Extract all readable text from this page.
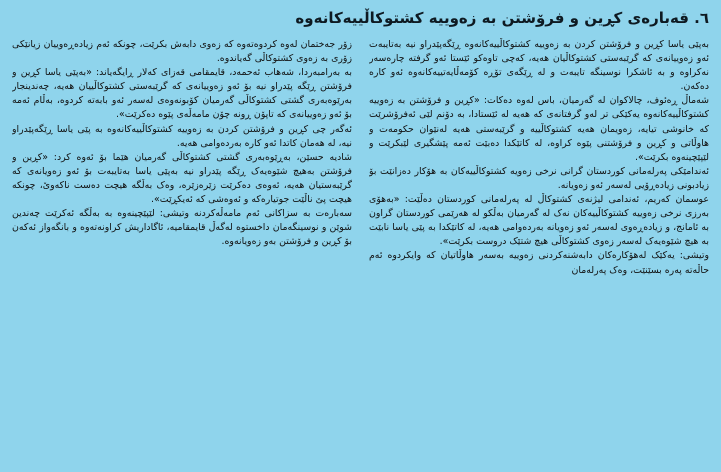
٦. قەبارەی کڕین و فرۆشتن بە زەوییە کشتوکاڵییەکانەوە

بەپێی یاسا کڕین و فرۆشتن کردن بە زەوییە کشتوکاڵییەکانەوە ڕێگەپێدراو نیە بەتایبەت ئەو زەوییانەی کە گرێبەستی کشتوکاڵیان هەیە، کەچی تاوەکو ئێستا ئەو گرفتە چارەسەر نەکراوە و بە ئاشکرا نوسینگە تایبەت و لە ڕێگەی تۆڕە کۆمەڵایەتییەکانەوە ئەو کارە دەکەن.

شەماڵ ڕەئوف، چالاکوان لە گەرمیان، باس لەوە دەکات: «کڕین و فرۆشتن بە زەوییە کشتوکاڵییەکانەوە یەکێکی تر لەو گرفتانەی کە هەیە لە ئێستادا، بە دۆنم لێی ئەفرۆشرێت کە خانوشی تیایە، زەویمان هەیە کشتوکاڵییە و گرێبەستی هەیە لەنێوان حکومەت و هاوڵاتی و کڕین و فرۆشتنی پێوە کراوە، لە کاتێکدا دەبێت ئەمە پێشگیری لێبکرێت و لێپێچینەوە بکرێت».

ئەندامێکی پەرلەمانی کوردستان گرانی نرخی زەویە کشتوکاڵییەکان بە هۆکار دەزانێت بۆ زیادبونی زیادەڕۆیی لەسەر ئەو زەویانە.

عوسمان کەریم، ئەندامی لیژنەی کشتوکاڵ لە پەرلەمانی کوردستان دەڵێت: «بەهۆی بەرزی نرخی زەوییە کشتوکاڵییەکان نەک لە گەرمیان بەڵکو لە هەرێمی کوردستان گراون بە ئامانج، و زیادەڕەوی لەسەر ئەو زەویانە بەردەوامی هەیە، لە کاتێکدا بە پێی یاسا نابێت بە هیچ شێوەیەک لەسەر زەوی کشتوکاڵی هیچ شتێک دروست بکرێت».

وتیشی: یەکێک لەهۆکارەکان دابەشنەکردنی زەوییە بەسەر هاوڵاتیان کە وایکردوە ئەم حاڵەتە پەرە بسێنێت، وەک پەرلەمان

زۆر جەختمان لەوە کردوەتەوە کە زەوی دابەش بکرێت، چونکە ئەم زیادەڕەوییان زیانێکی زۆری بە زەوی کشتوکاڵی گەیاندوە.

بە بەرامبەردا، شەهاب ئەحمەد، قایمقامی قەزای کەلار ڕایگەیاند: «بەپێی یاسا کڕین و فرۆشتن ڕێگە پێدراو نیە بۆ ئەو زەوییانەی کە گرێبەستی کشتوکاڵییان هەیە، چەندینجار بەرێوەبەری گشتی کشتوکاڵی گەرمیان کۆبونەوەی لەسەر ئەو بابەتە کردوە، بەڵام ئەمە بۆ ئەو زەوییانەی کە تاپۆن ڕونە چۆن مامەڵەی پێوە دەکرێت».

ئەگەر چی کڕین و فرۆشتن کردن بە زەوییە کشتوکاڵییەکانەوە بە پێی یاسا ڕێگەپێدراو نیە، لە هەمان کاتدا ئەو کارە بەردەوامی هەیە.

شادیە حسێن، بەڕێوەبەری گشتی کشتوکاڵی گەرمیان هێما بۆ ئەوە کرد: «کڕین و فرۆشتن بەهیچ شێوەیەک ڕێگە پێدراو نیە بەپێی یاسا بەتایبەت بۆ ئەو زەویانەی کە گرێبەستیان هەیە، ئەوەی دەکرێت زێرەزێرە، وەک بەڵگە هیچت دەست ناکەوێ، چونکە هیچت پێ ناڵێت جوتیارەکە و ئەوەشی کە ئەیکڕێت».

سەبارەت بە سزاکانی ئەم مامەڵەکردنە وتیشی: لێپێچینەوە بە بەڵگە ئەکرێت چەندین شوێن و نوسینگەمان داخستوە لەگەڵ قایمقامیە، ئاگاداریش کراونەتەوە و بانگەواز ئەکەن بۆ کڕین و فرۆشتن بەو زەویانەوە.
